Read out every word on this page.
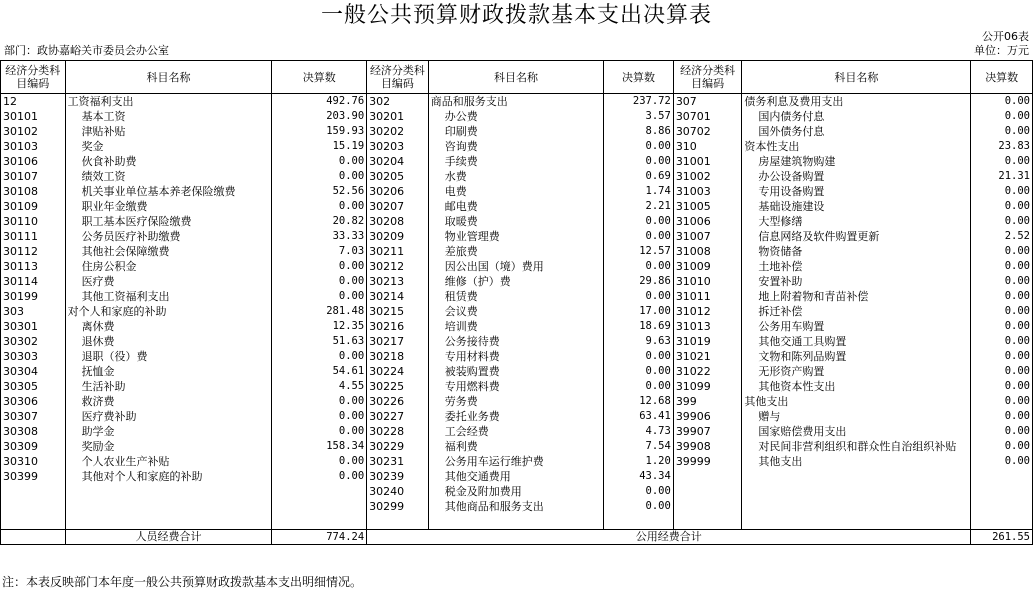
一般公共预算财政拨款基本支出决算表
公开06表
部门：政协嘉峪关市委员会办公室	单位：万元
经济分类科目编码	科目名称	决算数	经济分类科目编码	科目名称	决算数	经济分类科目编码	科目名称	决算数
12	工资福利支出	492.76	302	商品和服务支出	237.72	307	债务利息及费用支出	0.00
30101	基本工资	203.90	30201	办公费	3.57	30701	国内债务付息	0.00
30102	津贴补贴	159.93	30202	印刷费	8.86	30702	国外债务付息	0.00
30103	奖金	15.19	30203	咨询费	0.00	310	资本性支出	23.83
30106	伙食补助费	0.00	30204	手续费	0.00	31001	房屋建筑物购建	0.00
30107	绩效工资	0.00	30205	水费	0.69	31002	办公设备购置	21.31
30108	机关事业单位基本养老保险缴费	52.56	30206	电费	1.74	31003	专用设备购置	0.00
30109	职业年金缴费	0.00	30207	邮电费	2.21	31005	基础设施建设	0.00
30110	职工基本医疗保险缴费	20.82	30208	取暖费	0.00	31006	大型修缮	0.00
30111	公务员医疗补助缴费	33.33	30209	物业管理费	0.00	31007	信息网络及软件购置更新	2.52
30112	其他社会保障缴费	7.03	30211	差旅费	12.57	31008	物资储备	0.00
30113	住房公积金	0.00	30212	因公出国（境）费用	0.00	31009	土地补偿	0.00
30114	医疗费	0.00	30213	维修（护）费	29.86	31010	安置补助	0.00
30199	其他工资福利支出	0.00	30214	租赁费	0.00	31011	地上附着物和青苗补偿	0.00
303	对个人和家庭的补助	281.48	30215	会议费	17.00	31012	拆迁补偿	0.00
30301	离休费	12.35	30216	培训费	18.69	31013	公务用车购置	0.00
30302	退休费	51.63	30217	公务接待费	9.63	31019	其他交通工具购置	0.00
30303	退职（役）费	0.00	30218	专用材料费	0.00	31021	文物和陈列品购置	0.00
30304	抚恤金	54.61	30224	被装购置费	0.00	31022	无形资产购置	0.00
30305	生活补助	4.55	30225	专用燃料费	0.00	31099	其他资本性支出	0.00
30306	救济费	0.00	30226	劳务费	12.68	399	其他支出	0.00
30307	医疗费补助	0.00	30227	委托业务费	63.41	39906	赠与	0.00
30308	助学金	0.00	30228	工会经费	4.73	39907	国家赔偿费用支出	0.00
30309	奖励金	158.34	30229	福利费	7.54	39908	对民间非营利组织和群众性自治组织补贴	0.00
30310	个人农业生产补贴	0.00	30231	公务用车运行维护费	1.20	39999	其他支出	0.00
30399	其他对个人和家庭的补助	0.00	30239	其他交通费用	43.34			
			30240	税金及附加费用	0.00			
			30299	其他商品和服务支出	0.00			

	人员经费合计	774.24	公用经费合计					261.55
注：本表反映部门本年度一般公共预算财政拨款基本支出明细情况。
